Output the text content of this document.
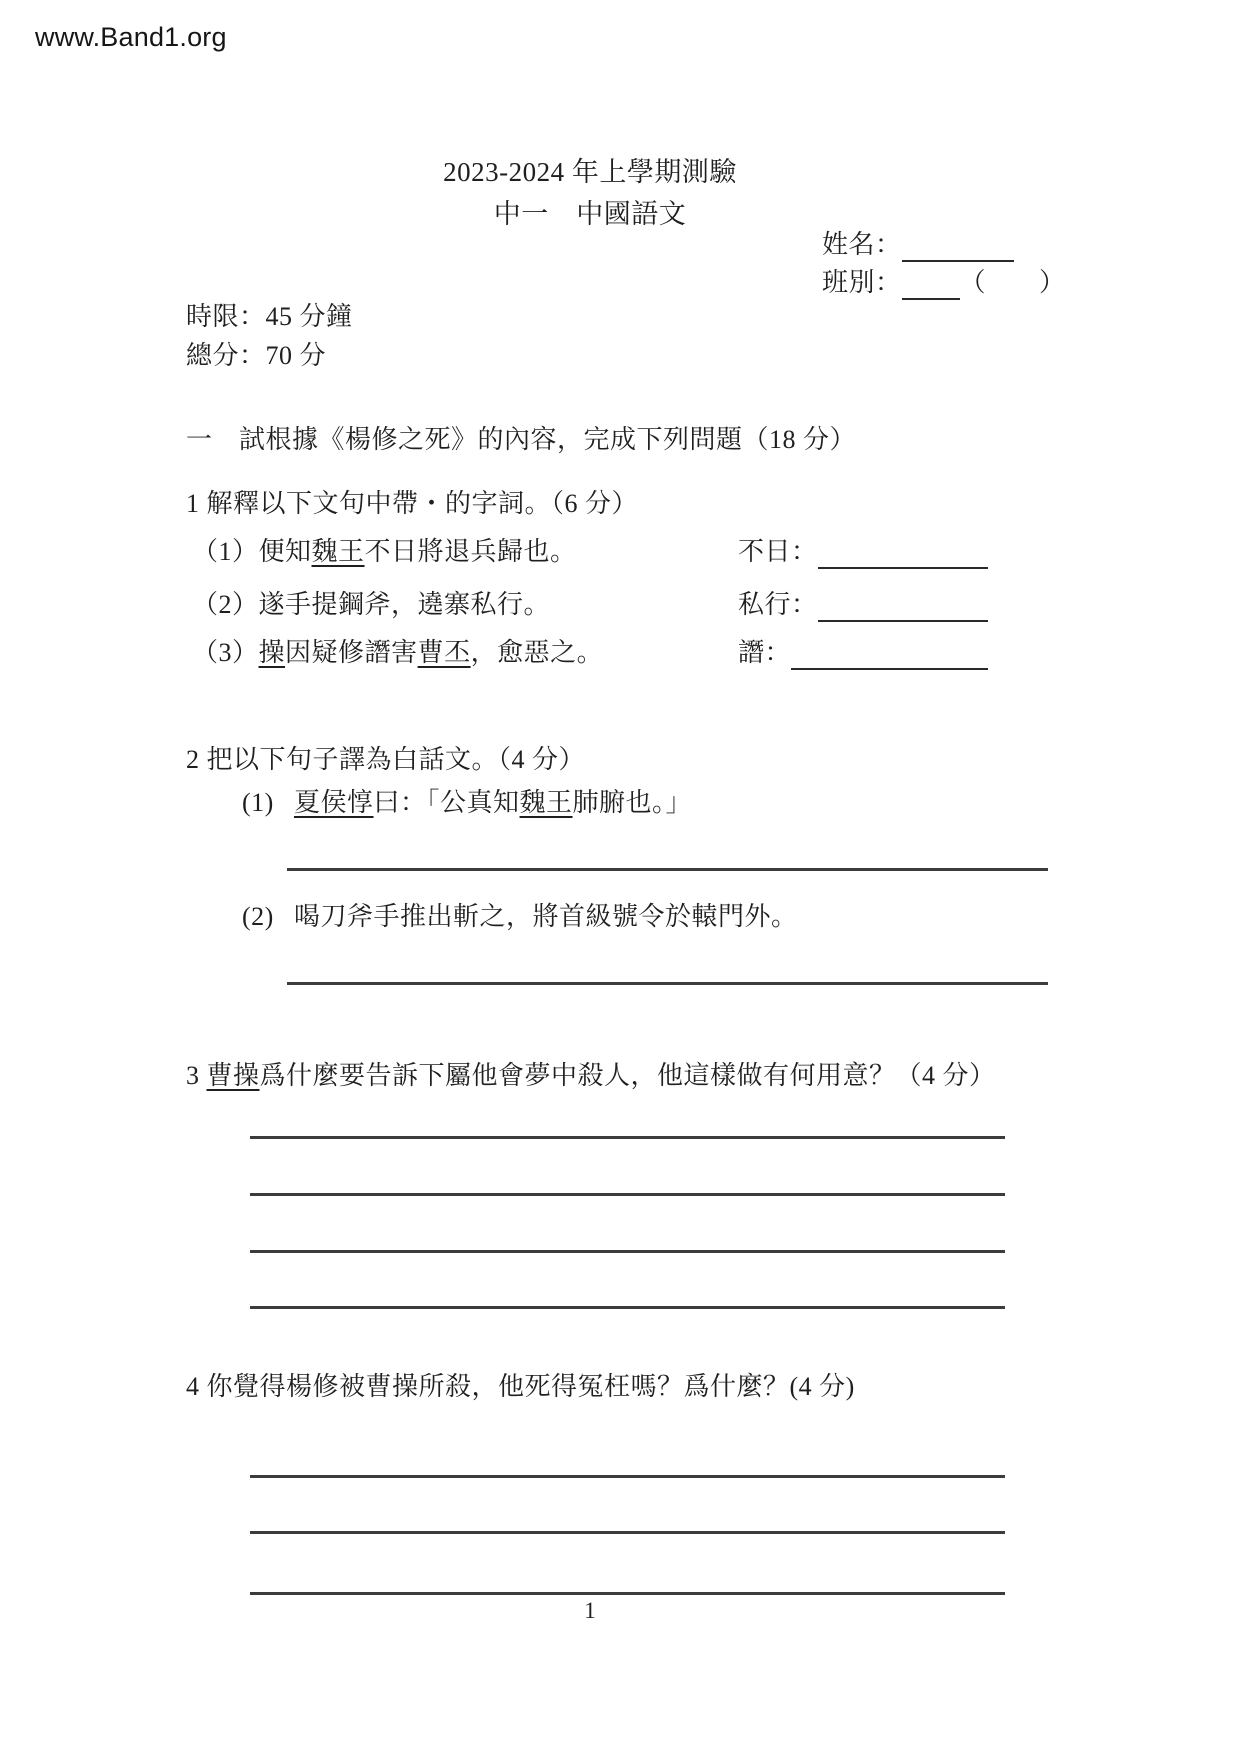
www.Band1.org
2023-2024 年上學期測驗
中一　中國語文
姓名：
班別： （　　）
時限：45 分鐘
總分：70 分
一　試根據《楊修之死》的內容，完成下列問題（18 分）
1 解釋以下文句中帶・的字詞。（6 分）
（1）便知魏王不日將退兵歸也。	不日：
（2）遂手提鋼斧，遶寨私行。	私行：
（3）操因疑修譖害曹丕，愈惡之。	譖：
2 把以下句子譯為白話文。（4 分）
(1) 夏侯惇曰：「公真知魏王肺腑也。」
(2) 喝刀斧手推出斬之，將首級號令於轅門外。
3 曹操爲什麼要告訴下屬他會夢中殺人，他這樣做有何用意？（4 分）
4 你覺得楊修被曹操所殺，他死得冤枉嗎？爲什麼？(4 分)
1
